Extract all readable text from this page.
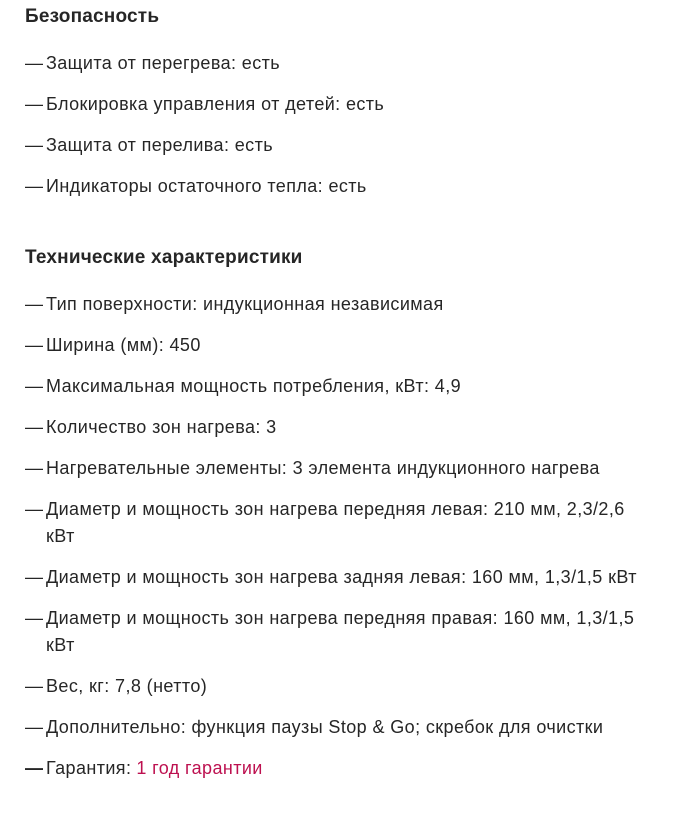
Безопасность
— Защита от перегрева: есть
— Блокировка управления от детей: есть
— Защита от перелива: есть
— Индикаторы остаточного тепла: есть
Технические характеристики
— Тип поверхности: индукционная независимая
— Ширина (мм): 450
— Максимальная мощность потребления, кВт: 4,9
— Количество зон нагрева: 3
— Нагревательные элементы: 3 элемента индукционного нагрева
— Диаметр и мощность зон нагрева передняя левая: 210 мм, 2,3/2,6 кВт
— Диаметр и мощность зон нагрева задняя левая: 160 мм, 1,3/1,5 кВт
— Диаметр и мощность зон нагрева передняя правая: 160 мм, 1,3/1,5 кВт
— Вес, кг: 7,8 (нетто)
— Дополнительно: функция паузы Stop & Go; скребок для очистки
— Гарантия: 1 год гарантии
